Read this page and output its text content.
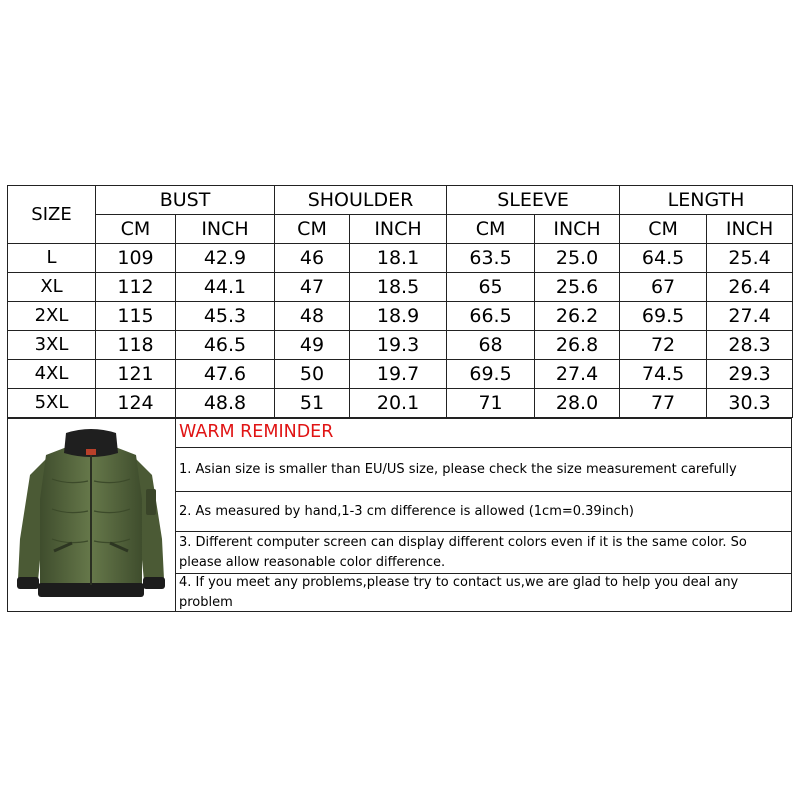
SIZE	BUST		SHOULDER		SLEEVE		LENGTH	
	CM	INCH	CM	INCH	CM	INCH	CM	INCH
L	109	42.9	46	18.1	63.5	25.0	64.5	25.4
XL	112	44.1	47	18.5	65	25.6	67	26.4
2XL	115	45.3	48	18.9	66.5	26.2	69.5	27.4
3XL	118	46.5	49	19.3	68	26.8	72	28.3
4XL	121	47.6	50	19.7	69.5	27.4	74.5	29.3
5XL	124	48.8	51	20.1	71	28.0	77	30.3
WARM REMINDER
1. Asian size is smaller than EU/US size, please check the size measurement carefully
2. As measured by hand,1-3 cm difference is allowed (1cm=0.39inch)
3. Different computer screen can display different colors even if it is the same color. So please allow reasonable color difference.
4. If you meet any problems,please try to contact us,we are glad to help you deal any problem
